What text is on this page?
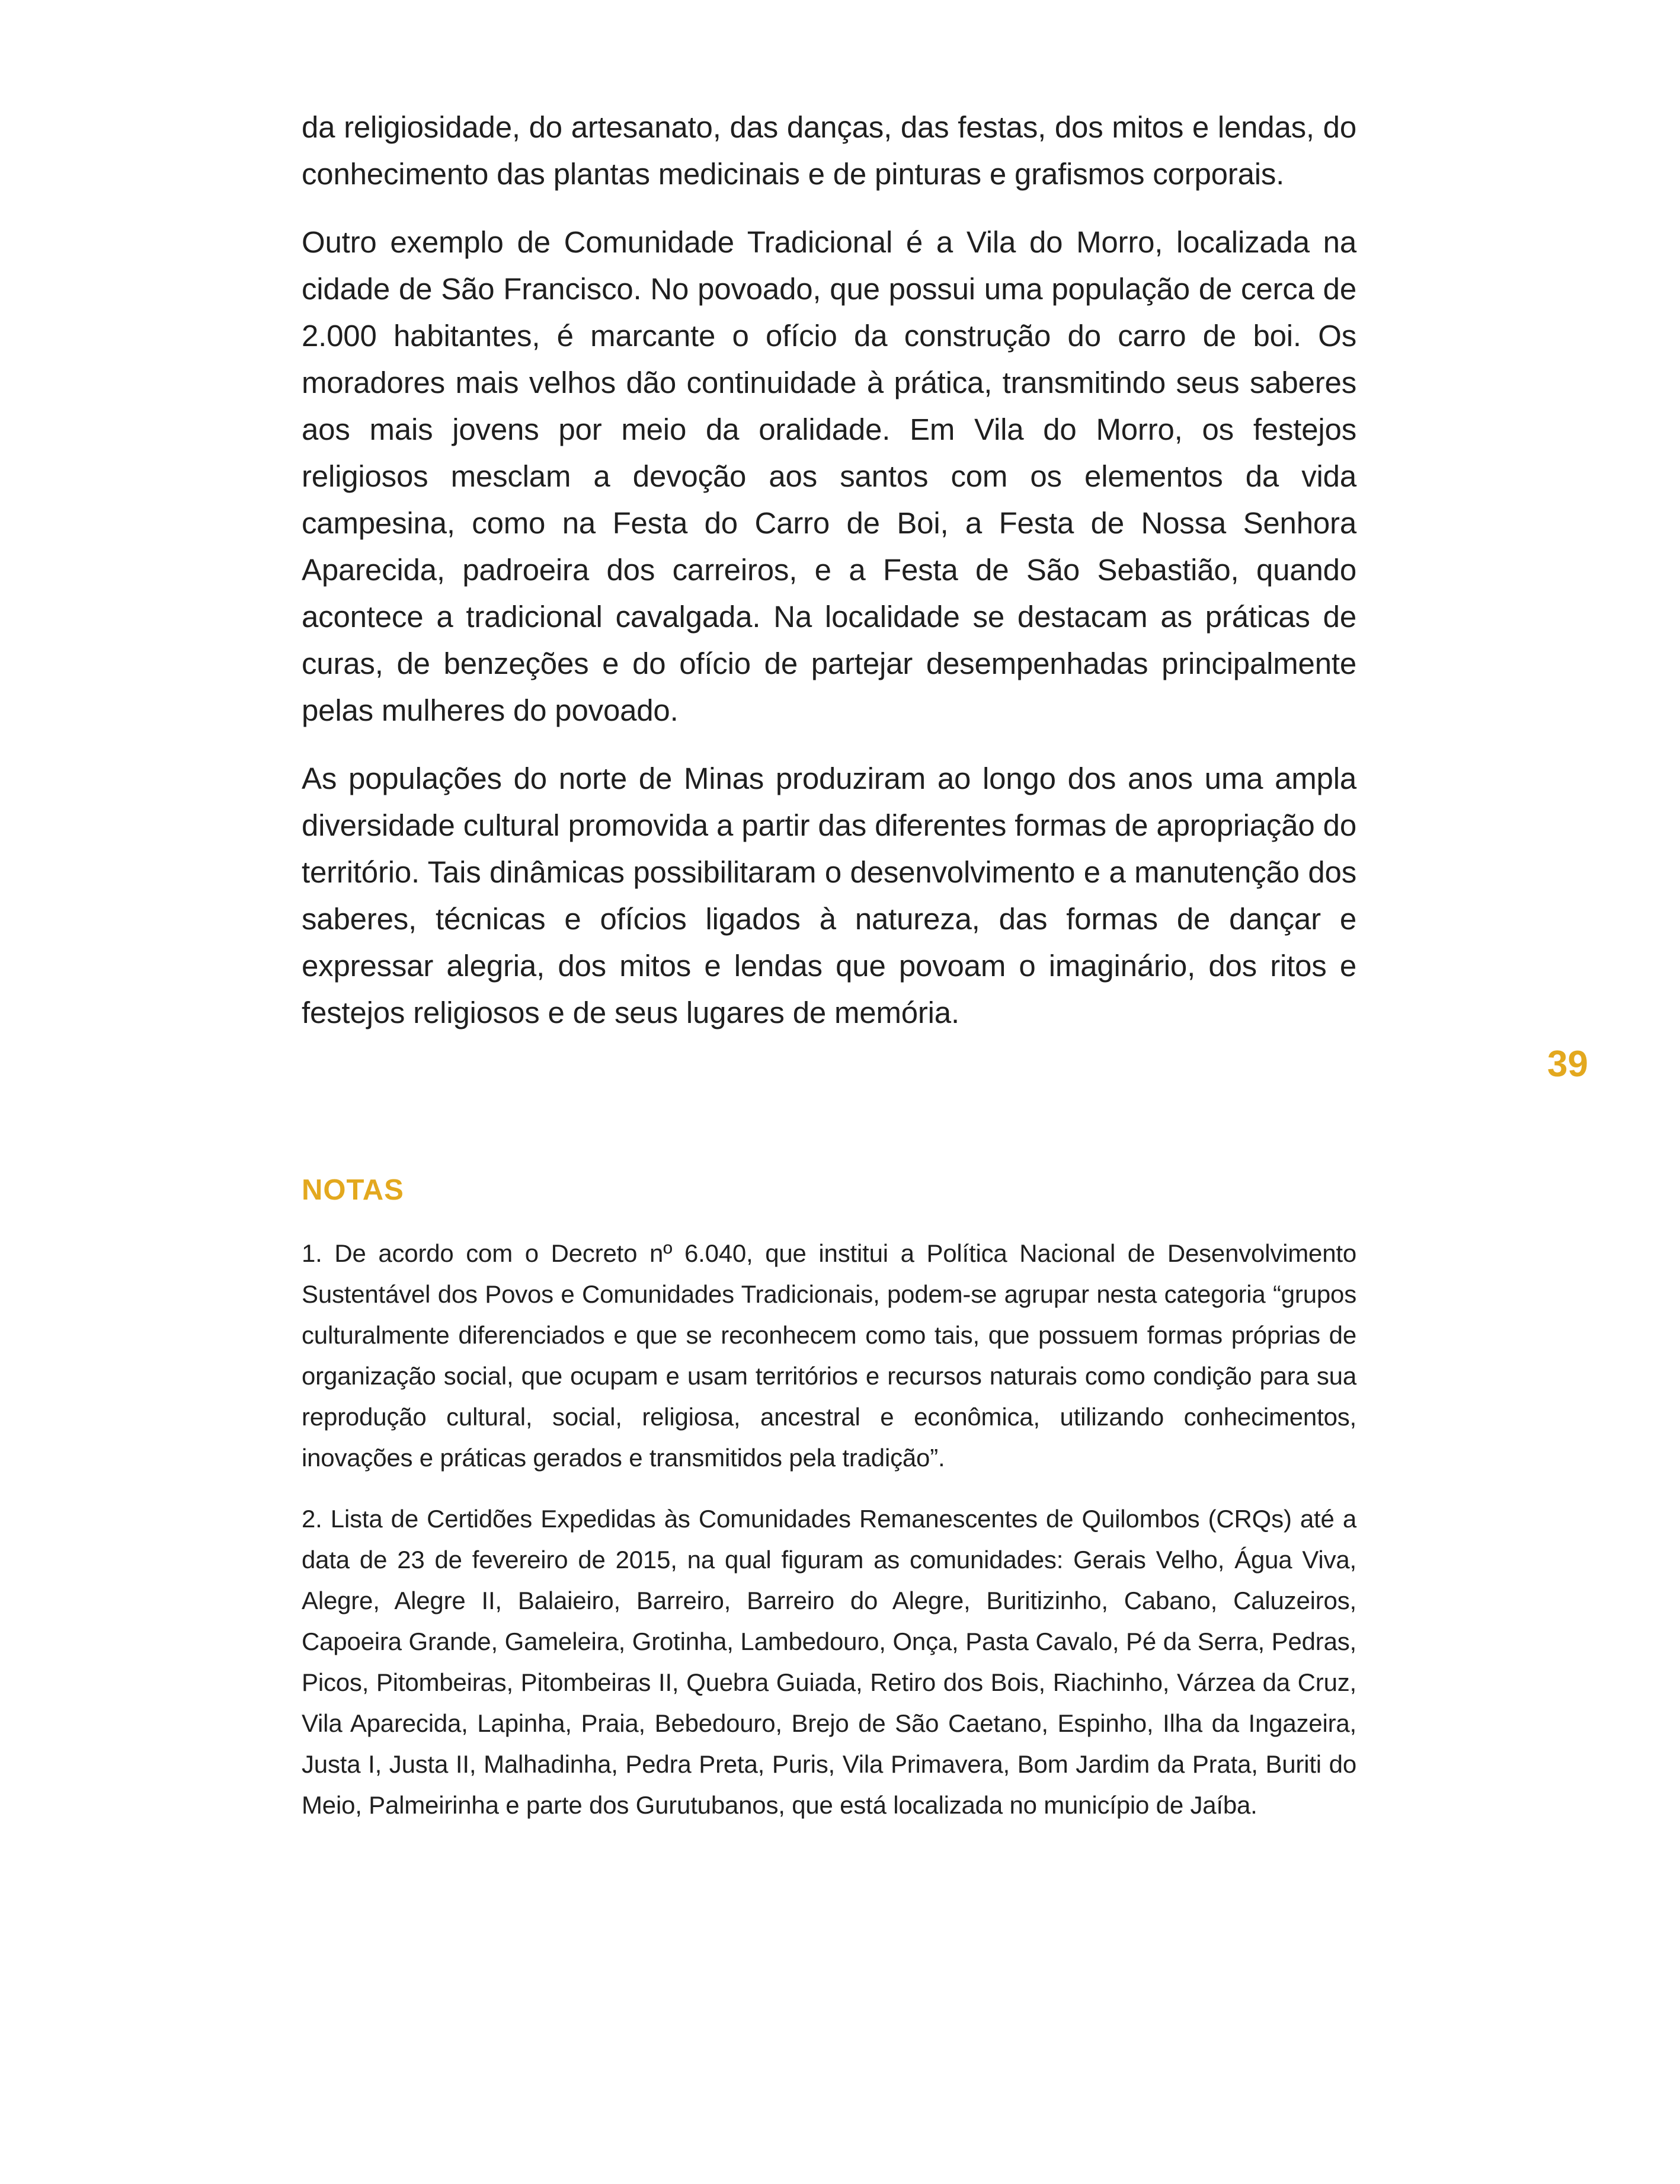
da religiosidade, do artesanato, das danças, das festas, dos mitos e lendas, do conhecimento das plantas medicinais e de pinturas e grafismos corporais.

Outro exemplo de Comunidade Tradicional é a Vila do Morro, localizada na cidade de São Francisco. No povoado, que possui uma população de cerca de 2.000 habitantes, é marcante o ofício da construção do carro de boi. Os moradores mais velhos dão continuidade à prática, transmitindo seus saberes aos mais jovens por meio da oralidade. Em Vila do Morro, os festejos religiosos mesclam a devoção aos santos com os elementos da vida campesina, como na Festa do Carro de Boi, a Festa de Nossa Senhora Aparecida, padroeira dos carreiros, e a Festa de São Sebastião, quando acontece a tradicional cavalgada. Na localidade se destacam as práticas de curas, de benzeções e do ofício de partejar desempenhadas principalmente pelas mulheres do povoado.

As populações do norte de Minas produziram ao longo dos anos uma ampla diversidade cultural promovida a partir das diferentes formas de apropriação do território. Tais dinâmicas possibilitaram o desenvolvimento e a manutenção dos saberes, técnicas e ofícios ligados à natureza, das formas de dançar e expressar alegria, dos mitos e lendas que povoam o imaginário, dos ritos e festejos religiosos e de seus lugares de memória.

39
NOTAS

1. De acordo com o Decreto nº 6.040, que institui a Política Nacional de Desenvolvimento Sustentável dos Povos e Comunidades Tradicionais, podem-se agrupar nesta categoria “grupos culturalmente diferenciados e que se reconhecem como tais, que possuem formas próprias de organização social, que ocupam e usam territórios e recursos naturais como condição para sua reprodução cultural, social, religiosa, ancestral e econômica, utilizando conhecimentos, inovações e práticas gerados e transmitidos pela tradição”.

2. Lista de Certidões Expedidas às Comunidades Remanescentes de Quilombos (CRQs) até a data de 23 de fevereiro de 2015, na qual figuram as comunidades: Gerais Velho, Água Viva, Alegre, Alegre II, Balaieiro, Barreiro, Barreiro do Alegre, Buritizinho, Cabano, Caluzeiros, Capoeira Grande, Gameleira, Grotinha, Lambedouro, Onça, Pasta Cavalo, Pé da Serra, Pedras, Picos, Pitombeiras, Pitombeiras II, Quebra Guiada, Retiro dos Bois, Riachinho, Várzea da Cruz, Vila Aparecida, Lapinha, Praia, Bebedouro, Brejo de São Caetano, Espinho, Ilha da Ingazeira, Justa I, Justa II, Malhadinha, Pedra Preta, Puris, Vila Primavera, Bom Jardim da Prata, Buriti do Meio, Palmeirinha e parte dos Gurutubanos, que está localizada no município de Jaíba.
